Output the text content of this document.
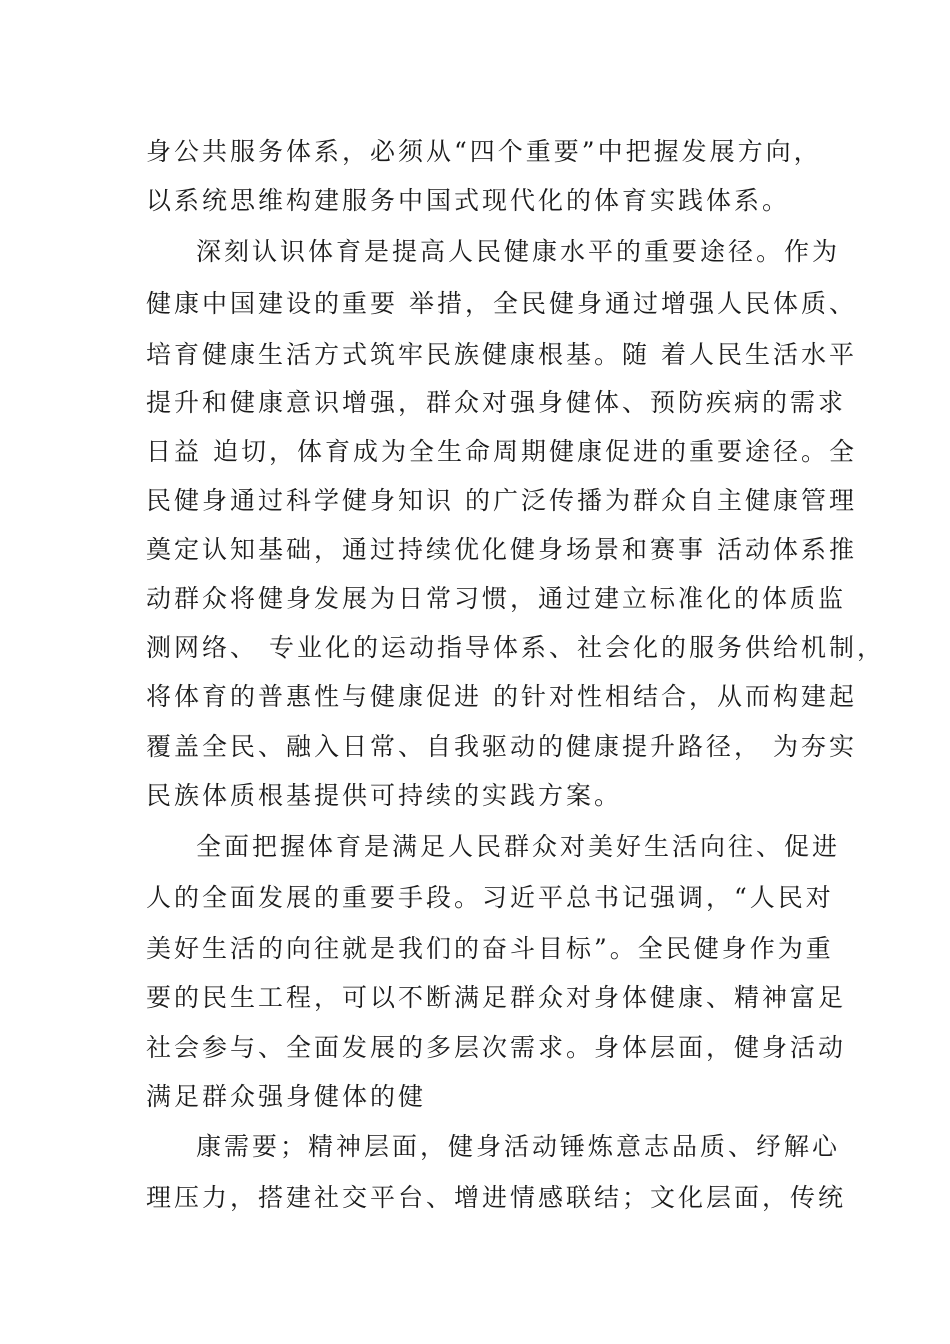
身公共服务体系，必须从“四个重要”中把握发展方向，
以系统思维构建服务中国式现代化的体育实践体系。
深刻认识体育是提高人民健康水平的重要途径。作为
健康中国建设的重要 举措，全民健身通过增强人民体质、
培育健康生活方式筑牢民族健康根基。随 着人民生活水平
提升和健康意识增强，群众对强身健体、预防疾病的需求
日益 迫切，体育成为全生命周期健康促进的重要途径。全
民健身通过科学健身知识 的广泛传播为群众自主健康管理
奠定认知基础，通过持续优化健身场景和赛事 活动体系推
动群众将健身发展为日常习惯，通过建立标准化的体质监
测网络、 专业化的运动指导体系、社会化的服务供给机制，
将体育的普惠性与健康促进 的针对性相结合，从而构建起
覆盖全民、融入日常、自我驱动的健康提升路径， 为夯实
民族体质根基提供可持续的实践方案。
全面把握体育是满足人民群众对美好生活向往、促进
人的全面发展的重要手段。习近平总书记强调，“人民对
美好生活的向往就是我们的奋斗目标”。全民健身作为重
要的民生工程，可以不断满足群众对身体健康、精神富足
社会参与、全面发展的多层次需求。身体层面，健身活动
满足群众强身健体的健
康需要；精神层面，健身活动锤炼意志品质、纾解心
理压力，搭建社交平台、增进情感联结；文化层面，传统
